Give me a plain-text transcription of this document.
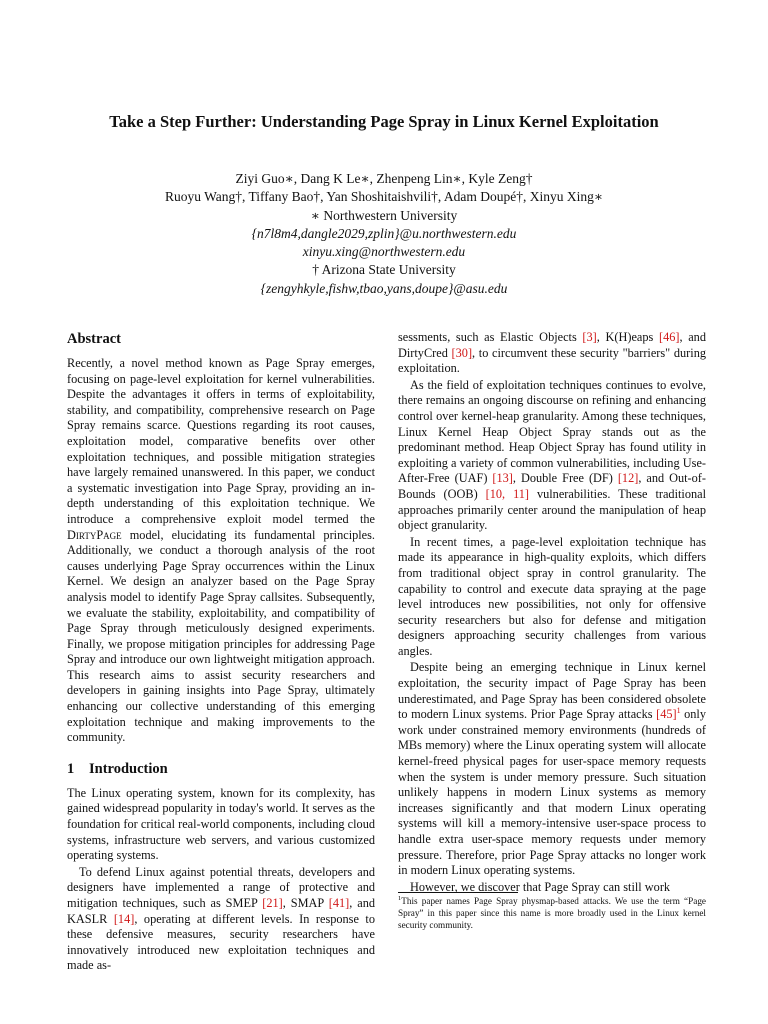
Take a Step Further: Understanding Page Spray in Linux Kernel Exploitation
Ziyi Guo∗, Dang K Le∗, Zhenpeng Lin∗, Kyle Zeng†
Ruoyu Wang†, Tiffany Bao†, Yan Shoshitaishvili†, Adam Doupé†, Xinyu Xing∗
∗ Northwestern University
{n7l8m4,dangle2029,zplin}@u.northwestern.edu
xinyu.xing@northwestern.edu
† Arizona State University
{zengyhkyle,fishw,tbao,yans,doupe}@asu.edu
Abstract

Recently, a novel method known as Page Spray emerges, focusing on page-level exploitation for kernel vulnerabilities. Despite the advantages it offers in terms of exploitability, stability, and compatibility, comprehensive research on Page Spray remains scarce. Questions regarding its root causes, exploitation model, comparative benefits over other exploitation techniques, and possible mitigation strategies have largely remained unanswered. In this paper, we conduct a systematic investigation into Page Spray, providing an in-depth understanding of this exploitation technique. We introduce a comprehensive exploit model termed the DirtyPage model, elucidating its fundamental principles. Additionally, we conduct a thorough analysis of the root causes underlying Page Spray occurrences within the Linux Kernel. We design an analyzer based on the Page Spray analysis model to identify Page Spray callsites. Subsequently, we evaluate the stability, exploitability, and compatibility of Page Spray through meticulously designed experiments. Finally, we propose mitigation principles for addressing Page Spray and introduce our own lightweight mitigation approach. This research aims to assist security researchers and developers in gaining insights into Page Spray, ultimately enhancing our collective understanding of this emerging exploitation technique and making improvements to the community.

1 Introduction

The Linux operating system, known for its complexity, has gained widespread popularity in today's world. It serves as the foundation for critical real-world components, including cloud systems, infrastructure web servers, and various customized operating systems.

To defend Linux against potential threats, developers and designers have implemented a range of protective and mitigation techniques, such as SMEP [21], SMAP [41], and KASLR [14], operating at different levels. In response to these defensive measures, security researchers have innovatively introduced new exploitation techniques and made as-

sessments, such as Elastic Objects [3], K(H)eaps [46], and DirtyCred [30], to circumvent these security "barriers" during exploitation.

As the field of exploitation techniques continues to evolve, there remains an ongoing discourse on refining and enhancing control over kernel-heap granularity. Among these techniques, Linux Kernel Heap Object Spray stands out as the predominant method. Heap Object Spray has found utility in exploiting a variety of common vulnerabilities, including Use-After-Free (UAF) [13], Double Free (DF) [12], and Out-of-Bounds (OOB) [10, 11] vulnerabilities. These traditional approaches primarily center around the manipulation of heap object granularity.

In recent times, a page-level exploitation technique has made its appearance in high-quality exploits, which differs from traditional object spray in control granularity. The capability to control and execute data spraying at the page level introduces new possibilities, not only for offensive security researchers but also for defense and mitigation designers approaching security challenges from various angles.

Despite being an emerging technique in Linux kernel exploitation, the security impact of Page Spray has been underestimated, and Page Spray has been considered obsolete to modern Linux systems. Prior Page Spray attacks [45]$^1$ only work under constrained memory environments (hundreds of MBs memory) where the Linux operating system will allocate kernel-freed physical pages for user-space memory requests when the system is under memory pressure. Such situation unlikely happens in modern Linux systems as memory increases significantly and that modern Linux operating systems will kill a memory-intensive user-space process to handle extra user-space memory requests under memory pressure. Therefore, prior Page Spray attacks no longer work in modern Linux operating systems.

However, we discover that Page Spray can still work

$^1$This paper names Page Spray physmap-based attacks. We use the term “Page Spray” in this paper since this name is more broadly used in the Linux kernel security community.
